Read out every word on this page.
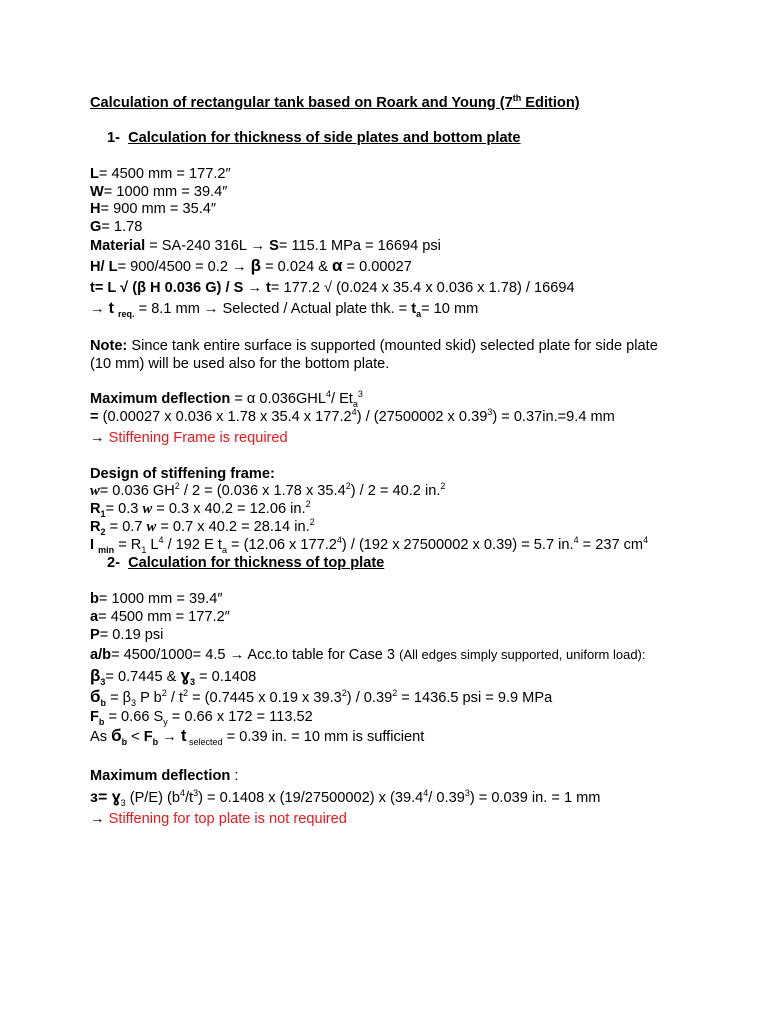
Calculation of rectangular tank based on Roark and Young (7th Edition)
1- Calculation for thickness of side plates and bottom plate
L= 4500 mm = 177.2″
W= 1000 mm = 39.4″
H= 900 mm = 35.4″
G= 1.78
Material = SA-240 316L → S= 115.1 MPa = 16694 psi
H/ L= 900/4500 = 0.2 → β = 0.024 & α = 0.00027
t= L √ (β H 0.036 G) / S → t= 177.2 √ (0.024 x 35.4 x 0.036 x 1.78) / 16694
→ t $_{req.}$ = 8.1 mm → Selected / Actual plate thk. = $t_a= 10$ mm
Note: Since tank entire surface is supported (mounted skid) selected plate for side plate
(10 mm) will be used also for the bottom plate.
Maximum deflection = α 0.036GHL$^4$/ $Et_a^3$
= (0.00027 x 0.036 x 1.78 x 35.4 x 177.2$^4$) / (27500002 x $0.39^3) = 0.37in.=9.4$ mm
→ Stiffening Frame is required
Design of stiffening frame:
w= 0.036 $GH^2 / 2 = (0.036$ x 1.78 x 35.4$^2$) / 2 = 40.2 in.$^2$
$R_1= 0.3$ w = 0.3 x 40.2 = 12.06 in.$^2$
$R_2 = 0.7$ w = 0.7 x 40.2 = 28.14 in.$^2$
I $_{min} = R_1$ $L^4 / 192$ E $t_a = (12.06$ x 177.2$^4$) / (192 x 27500002 x 0.39) = 5.7 in.$^4$ = 237 $cm^4$
2- Calculation for thickness of top plate
b= 1000 mm = 39.4″
a= 4500 mm = 177.2″
P= 0.19 psi
a/b= 4500/1000= 4.5 → Acc.to table for Case 3 (All edges simply supported, uniform load):
$\beta_3= 0.7445$ & ɣ$_3$ = 0.1408
$б_b = \beta_3$ P $b^2 / t^2 = (0.7445$ x 0.19 x $39.3^2) / 0.39^2 = 1436.5$ psi = 9.9 MPa
$F_b = 0.66$ $S_y = 0.66$ x 172 = 113.52
As $б_b < F_b \to t$ $_{selected}$ = 0.39 in. = 10 mm is sufficient
Maximum deflection :
з= ɣ$_3$ (P/E) $(b^4/t^3) = 0.1408$ x (19/27500002) x (39.4$^4$/ $0.39^3) = 0.039$ in. = 1 mm
→ Stiffening for top plate is not required
